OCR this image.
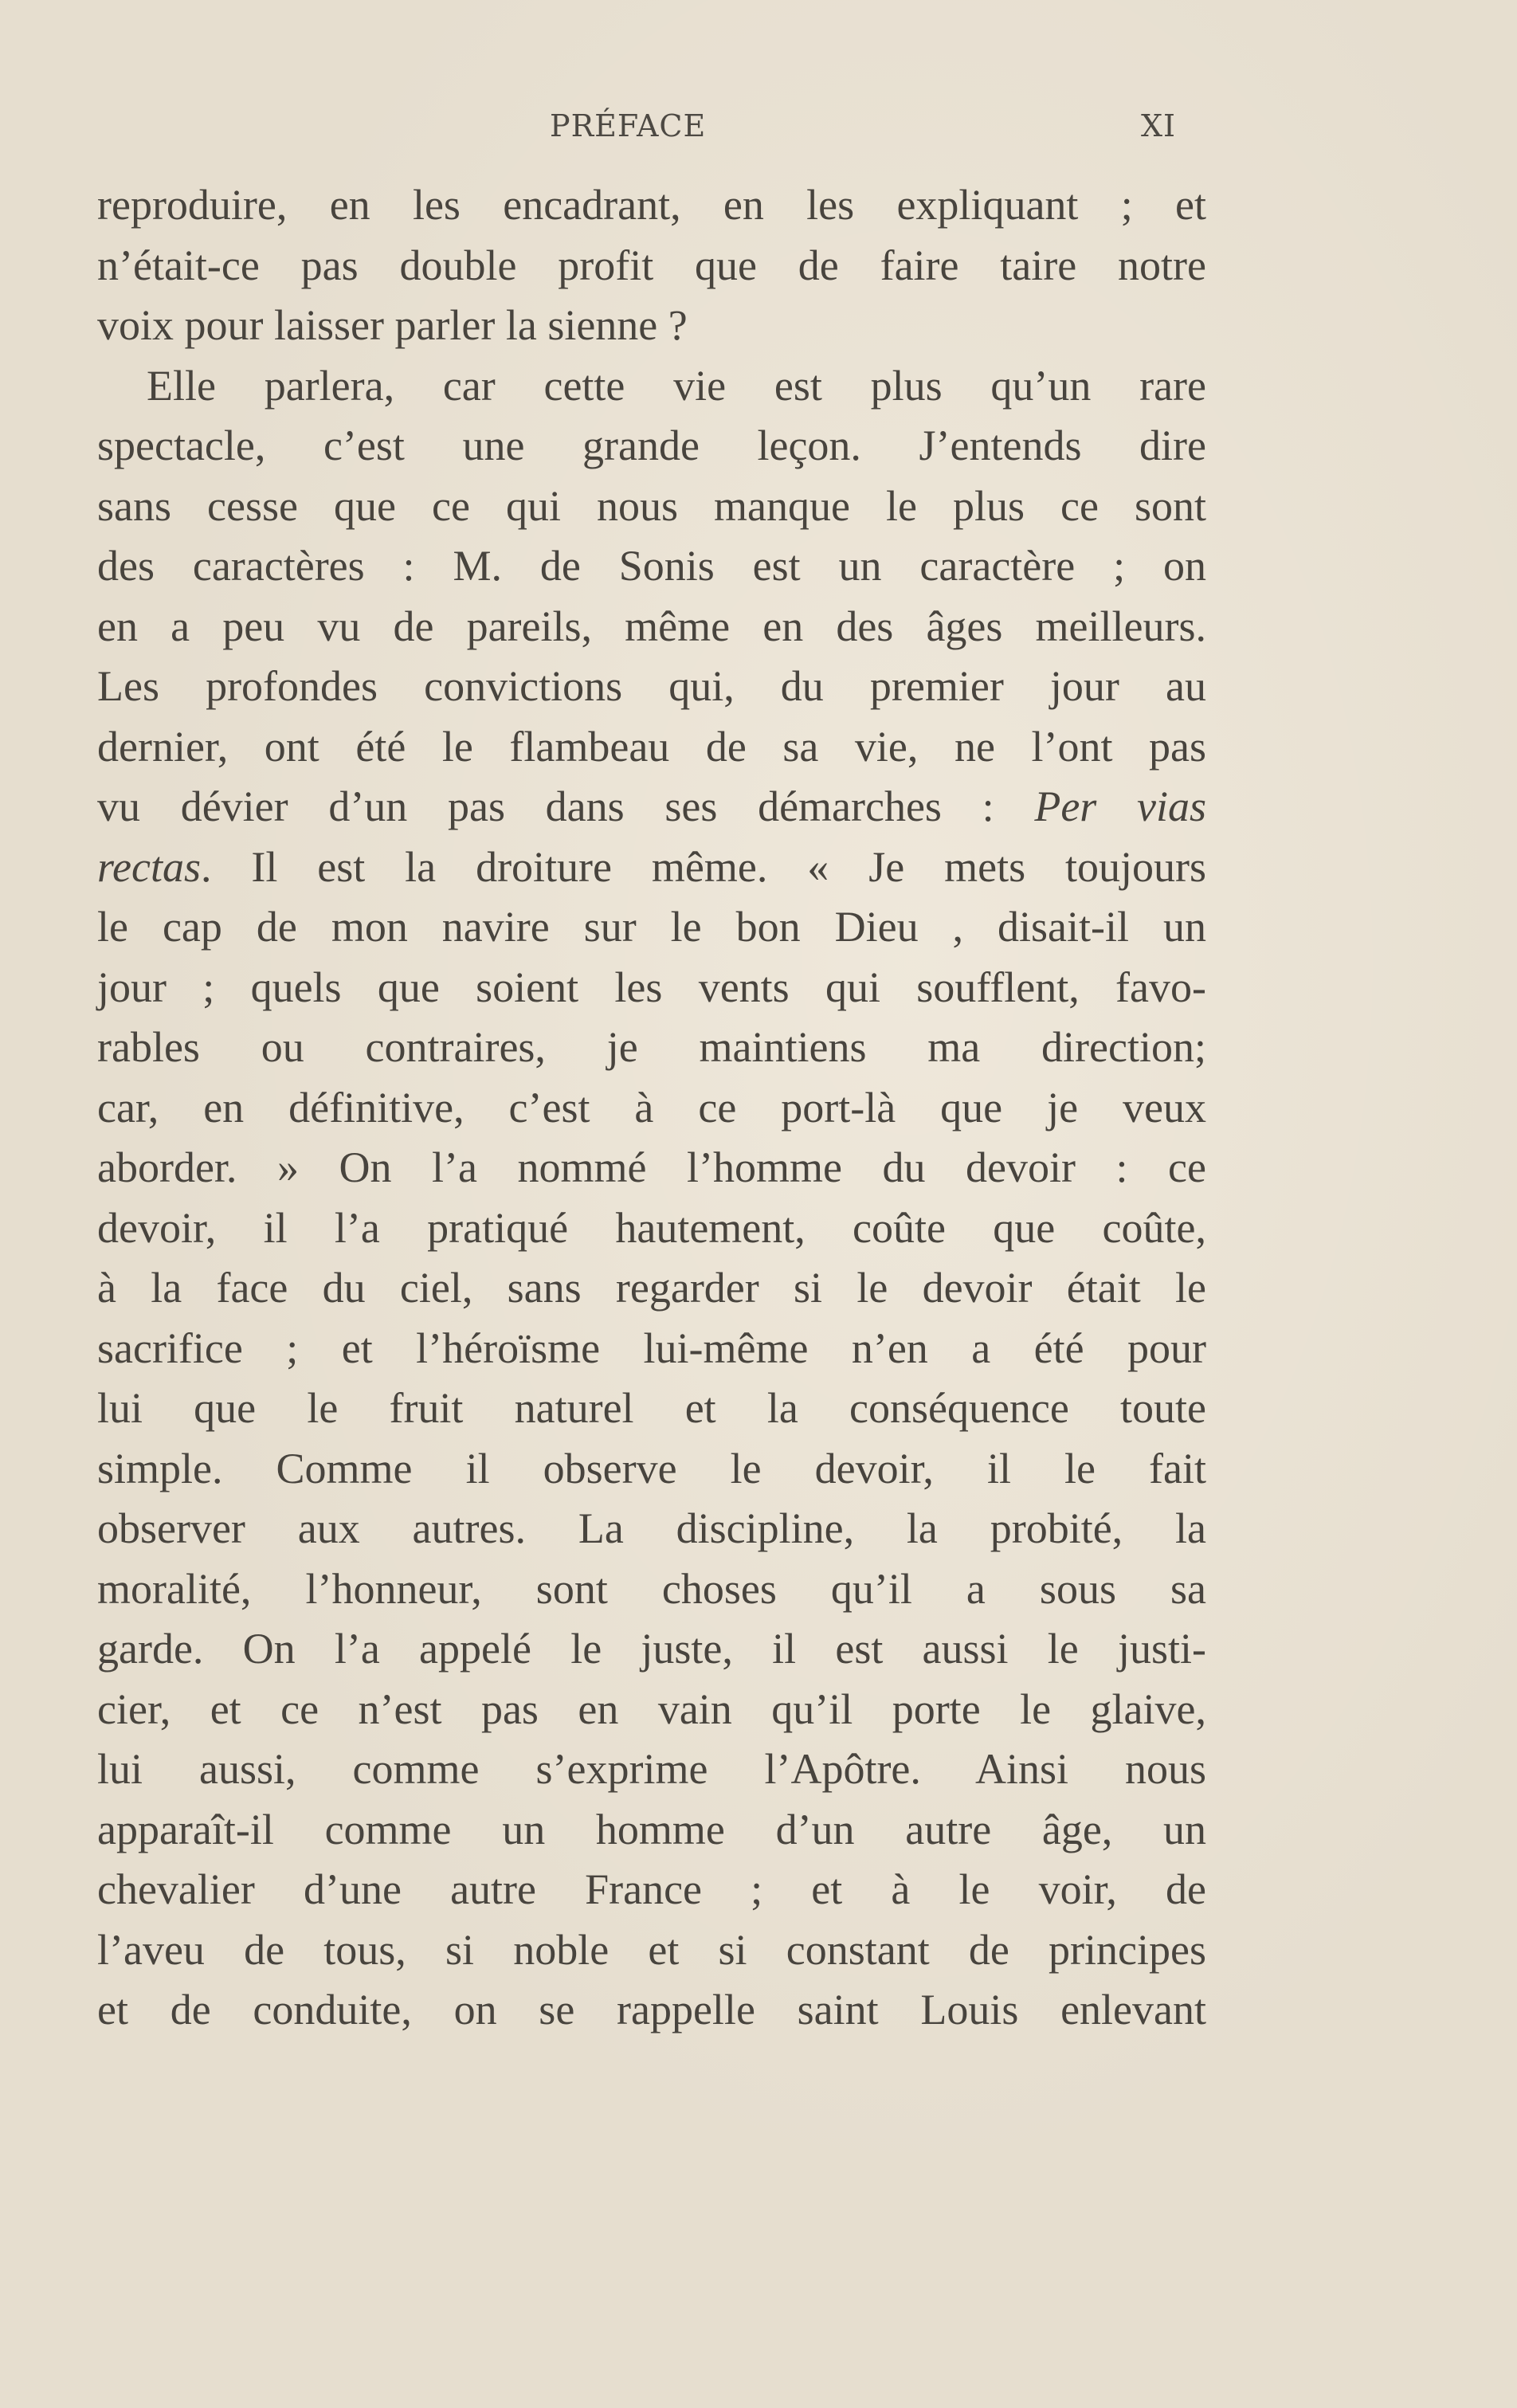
PRÉFACE	XI
reproduire, en les encadrant, en les expliquant ; et
n’était-ce pas double profit que de faire taire notre
voix pour laisser parler la sienne ?
Elle parlera, car cette vie est plus qu’un rare
spectacle, c’est une grande leçon. J’entends dire
sans cesse que ce qui nous manque le plus ce sont
des caractères : M. de Sonis est un caractère ; on
en a peu vu de pareils, même en des âges meilleurs.
Les profondes convictions qui, du premier jour au
dernier, ont été le flambeau de sa vie, ne l’ont pas
vu dévier d’un pas dans ses démarches : Per vias
rectas. Il est la droiture même. « Je mets toujours
le cap de mon navire sur le bon Dieu , disait-il un
jour ; quels que soient les vents qui soufflent, favo-
rables ou contraires, je maintiens ma direction;
car, en définitive, c’est à ce port-là que je veux
aborder. » On l’a nommé l’homme du devoir : ce
devoir, il l’a pratiqué hautement, coûte que coûte,
à la face du ciel, sans regarder si le devoir était le
sacrifice ; et l’héroïsme lui-même n’en a été pour
lui que le fruit naturel et la conséquence toute
simple. Comme il observe le devoir, il le fait
observer aux autres. La discipline, la probité, la
moralité, l’honneur, sont choses qu’il a sous sa
garde. On l’a appelé le juste, il est aussi le justi-
cier, et ce n’est pas en vain qu’il porte le glaive,
lui aussi, comme s’exprime l’Apôtre. Ainsi nous
apparaît-il comme un homme d’un autre âge, un
chevalier d’une autre France ; et à le voir, de
l’aveu de tous, si noble et si constant de principes
et de conduite, on se rappelle saint Louis enlevant
